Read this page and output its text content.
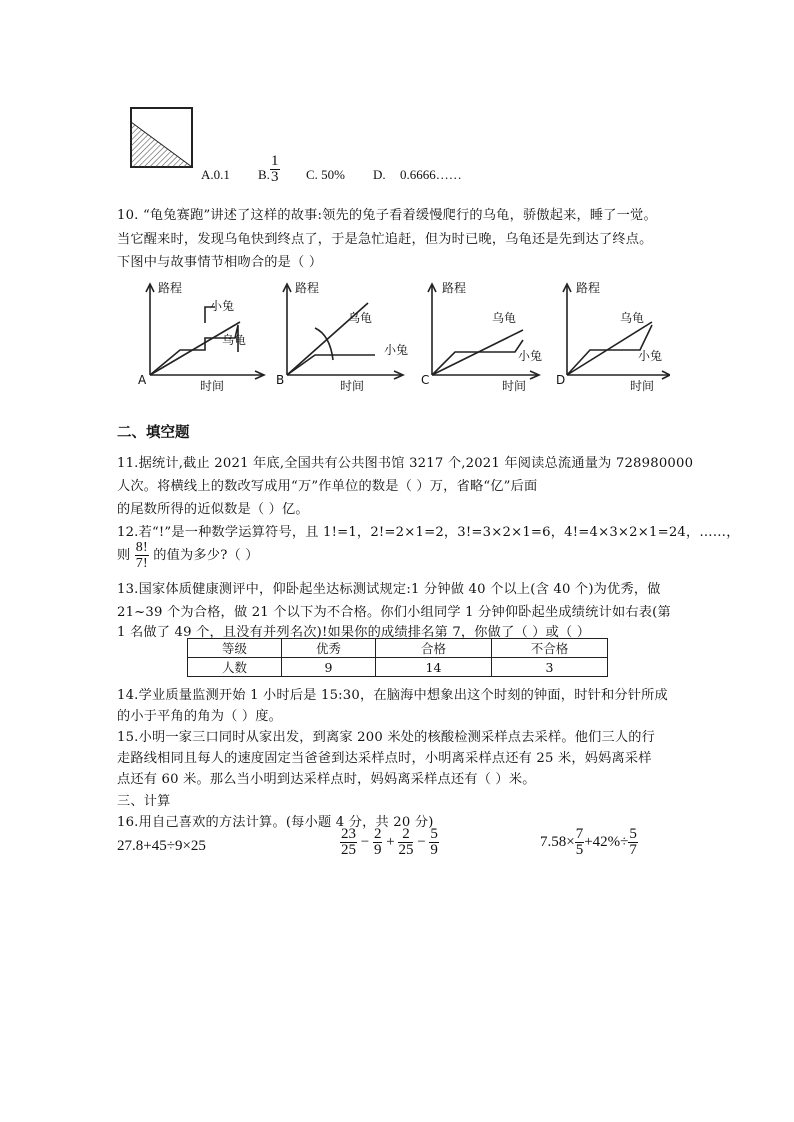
A.0.1 B. $\frac{1}{3} C$. 50% D. 0.6666……
10. “龟兔赛跑”讲述了这样的故事:领先的兔子看着缓慢爬行的乌龟，骄傲起来，睡了一觉。
当它醒来时，发现乌龟快到终点了，于是急忙追赶，但为时已晚，乌龟还是先到达了终点。
下图中与故事情节相吻合的是（ ）
路程
小兔
乌龟
时间
A
路程
乌龟
小兔
时间
B
路程
乌龟
小兔
时间
C
路程
乌龟
小兔
时间
D
二、填空题
11.据统计,截止 2021 年底,全国共有公共图书馆 3217 个,2021 年阅读总流通量为 728980000
人次。将横线上的数改写成用“万”作单位的数是（ ）万，省略“亿”后面
的尾数所得的近似数是（ ）亿。
12.若“!”是一种数学运算符号，且 1!=1，2!=2×1=2，3!=3×2×1=6，4!=4×3×2×1=24，……，
则 $\frac{8!}{7!}$ 的值为多少?（ ）
13.国家体质健康测评中，仰卧起坐达标测试规定:1 分钟做 40 个以上(含 40 个)为优秀，做
21~39 个为合格，做 21 个以下为不合格。你们小组同学 1 分钟仰卧起坐成绩统计如右表(第
1 名做了 49 个，且没有并列名次)!如果你的成绩排名第 7，你做了（ ）或（ ）
等级	优秀	合格	不合格
人数	9	14	3
14.学业质量监测开始 1 小时后是 15:30，在脑海中想象出这个时刻的钟面，时针和分针所成
的小于平角的角为（ ）度。
15.小明一家三口同时从家出发，到离家 200 米处的核酸检测采样点去采样。他们三人的行
走路线相同且每人的速度固定当爸爸到达采样点时，小明离采样点还有 25 米，妈妈离采样
点还有 60 米。那么当小明到达采样点时，妈妈离采样点还有（ ）米。
三、计算
16.用自己喜欢的方法计算。(每小题 4 分，共 20 分)
27.8+45÷9×25	$\frac{23}{25} - \frac{2}{9} + \frac{2}{25} - \frac{5}{9}$	$7.58\times \frac{7}{5} +42\%\div \frac{5}{7}$
